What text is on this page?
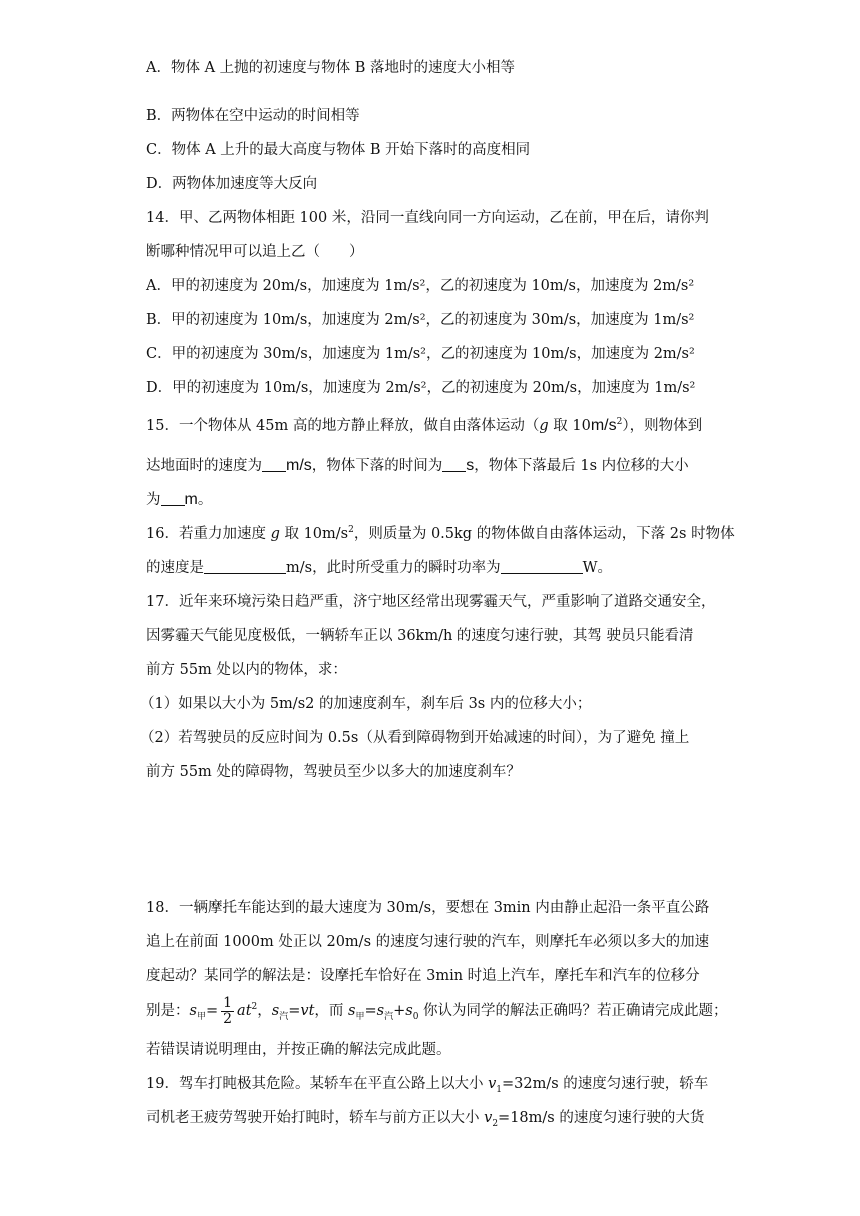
A．物体 A 上抛的初速度与物体 B 落地时的速度大小相等
B．两物体在空中运动的时间相等
C．物体 A 上升的最大高度与物体 B 开始下落时的高度相同
D．两物体加速度等大反向
14．甲、乙两物体相距 100 米，沿同一直线向同一方向运动，乙在前，甲在后，请你判
断哪种情况甲可以追上乙（　　）
A．甲的初速度为 20m/s，加速度为 1m/s²，乙的初速度为 10m/s，加速度为 2m/s²
B．甲的初速度为 10m/s，加速度为 2m/s²，乙的初速度为 30m/s，加速度为 1m/s²
C．甲的初速度为 30m/s，加速度为 1m/s²，乙的初速度为 10m/s，加速度为 2m/s²
D．甲的初速度为 10m/s，加速度为 2m/s²，乙的初速度为 20m/s，加速度为 1m/s²
15．一个物体从 45m 高的地方静止释放，做自由落体运动（g 取 $10m/s^2$），则物体到
达地面时的速度为 m/s，物体下落的时间为 s，物体下落最后 1s 内位移的大小
为 m。
16．若重力加速度 g 取 $10m/s^2$，则质量为 0.5kg 的物体做自由落体运动，下落 2s 时物体
的速度是	m/s，此时所受重力的瞬时功率为	W。
17．近年来环境污染日趋严重，济宁地区经常出现雾霾天气，严重影响了道路交通安全，
因雾霾天气能见度极低，一辆轿车正以 36km/h 的速度匀速行驶，其驾 驶员只能看清
前方 55m 处以内的物体，求：
（1）如果以大小为 5m/s2 的加速度刹车，刹车后 3s 内的位移大小；
（2）若驾驶员的反应时间为 0.5s（从看到障碍物到开始减速的时间），为了避免 撞上
前方 55m 处的障碍物，驾驶员至少以多大的加速度刹车？
18．一辆摩托车能达到的最大速度为 30m/s，要想在 3min 内由静止起沿一条平直公路
追上在前面 1000m 处正以 20m/s 的速度匀速行驶的汽车，则摩托车必须以多大的加速
度起动？某同学的解法是：设摩托车恰好在 3min 时追上汽车，摩托车和汽车的位移分
别是：$s_甲= \frac{1}{2} at^2$，$s_汽=vt$，而 $s_甲=s_汽+s_0$ 你认为同学的解法正确吗？若正确请完成此题；
若错误请说明理由，并按正确的解法完成此题。
19．驾车打盹极其危险。某轿车在平直公路上以大小 $v_1=32m/s$ 的速度匀速行驶，轿车
司机老王疲劳驾驶开始打盹时，轿车与前方正以大小 $v_2=18m/s$ 的速度匀速行驶的大货
